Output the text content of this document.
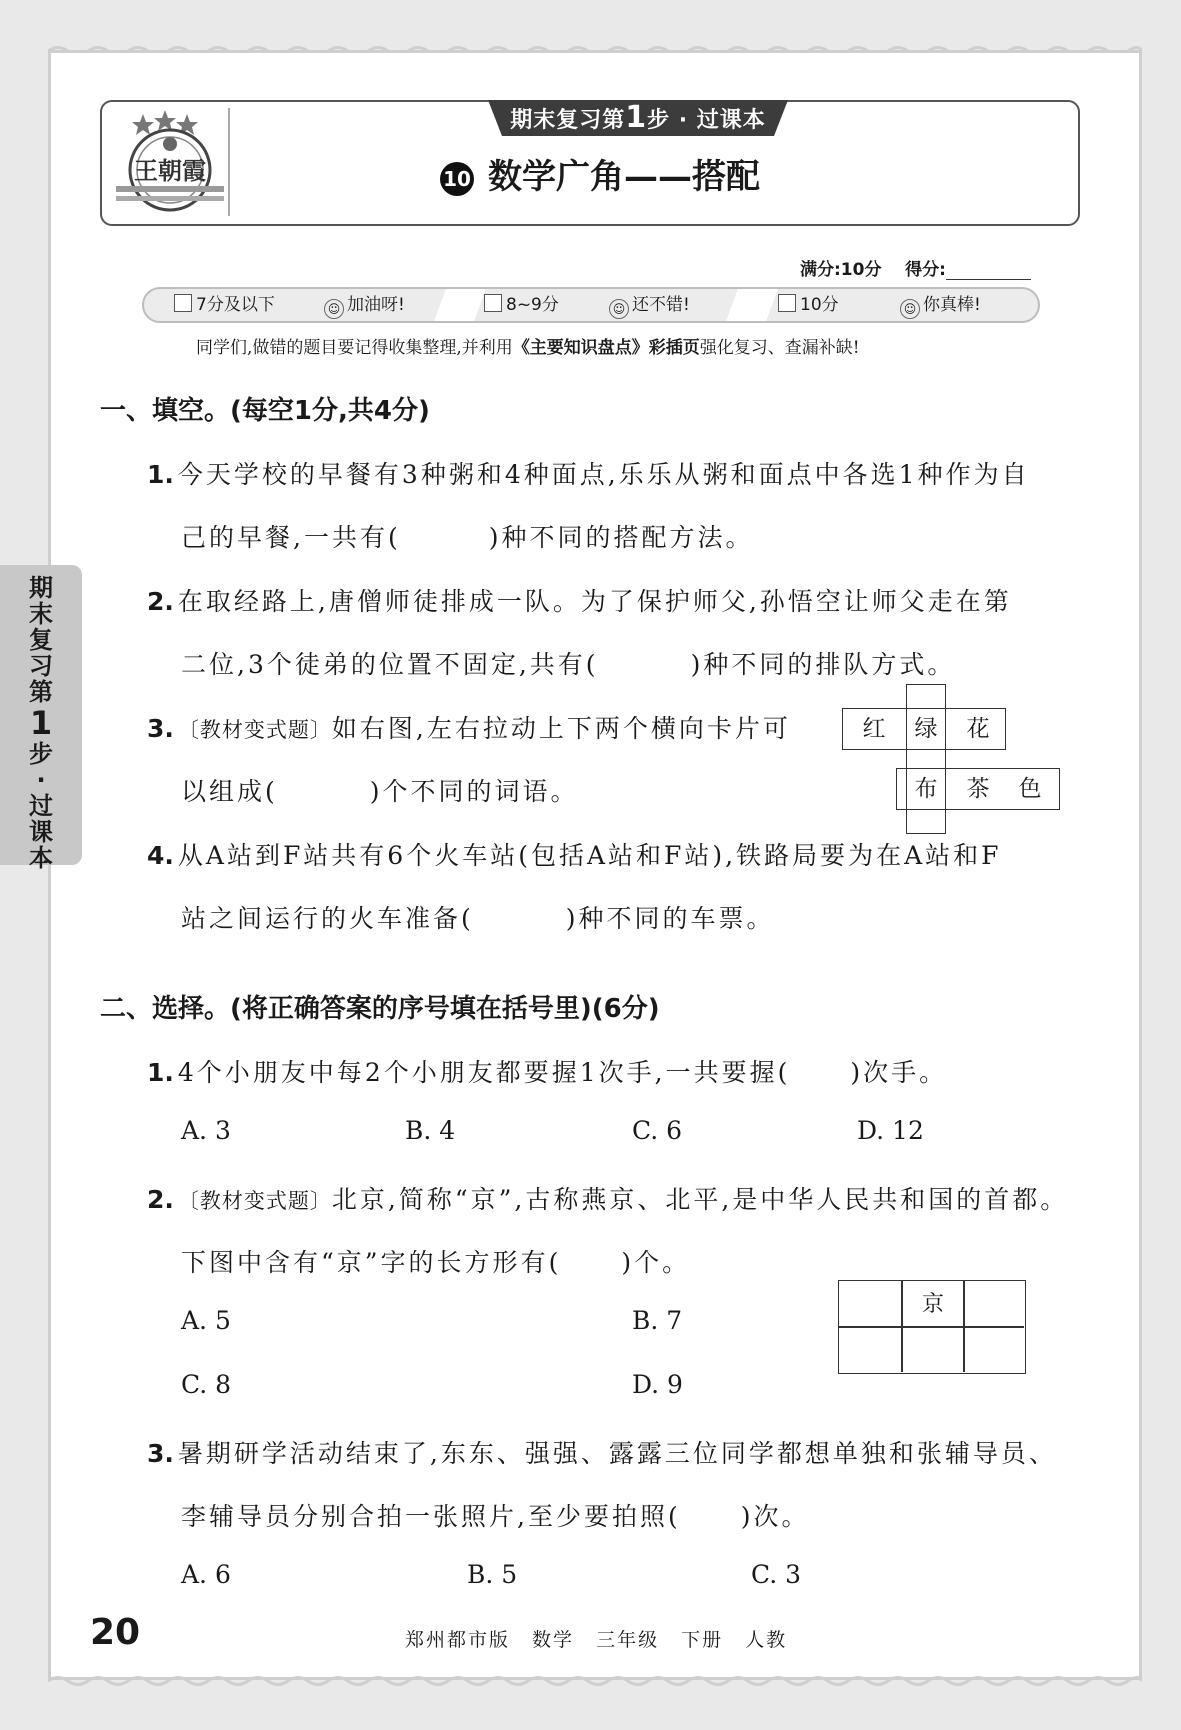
王朝霞
期末复习第1步 · 过课本
10 数学广角——搭配
满分:10分 得分:
7分及以下	☺ 加油呀!	8~9分	☺ 还不错!	10分	☺ 你真棒!
同学们,做错的题目要记得收集整理,并利用《主要知识盘点》彩插页强化复习、查漏补缺!
期末复习第
1
步·过课本
一、填空。(每空1分,共4分)
1. 今天学校的早餐有3种粥和4种面点,乐乐从粥和面点中各选1种作为自
己的早餐,一共有(	)种不同的搭配方法。
2. 在取经路上,唐僧师徒排成一队。为了保护师父,孙悟空让师父走在第
二位,3个徒弟的位置不固定,共有(	)种不同的排队方式。
3. 〔教材变式题〕如右图,左右拉动上下两个横向卡片可
以组成(	)个不同的词语。
红	绿	花
布	茶	色
4. 从A站到F站共有6个火车站(包括A站和F站),铁路局要为在A站和F
站之间运行的火车准备(	)种不同的车票。
二、选择。(将正确答案的序号填在括号里)(6分)
1. 4个小朋友中每2个小朋友都要握1次手,一共要握( )次手。
A. 3	B. 4	C. 6	D. 12
2. 〔教材变式题〕北京,简称“京”,古称燕京、北平,是中华人民共和国的首都。
下图中含有“京”字的长方形有( )个。
A. 5	B. 7
C. 8	D. 9
京
3. 暑期研学活动结束了,东东、强强、露露三位同学都想单独和张辅导员、
李辅导员分别合拍一张照片,至少要拍照( )次。
A. 6	B. 5	C. 3
20	郑州都市版 数学 三年级 下册 人教
